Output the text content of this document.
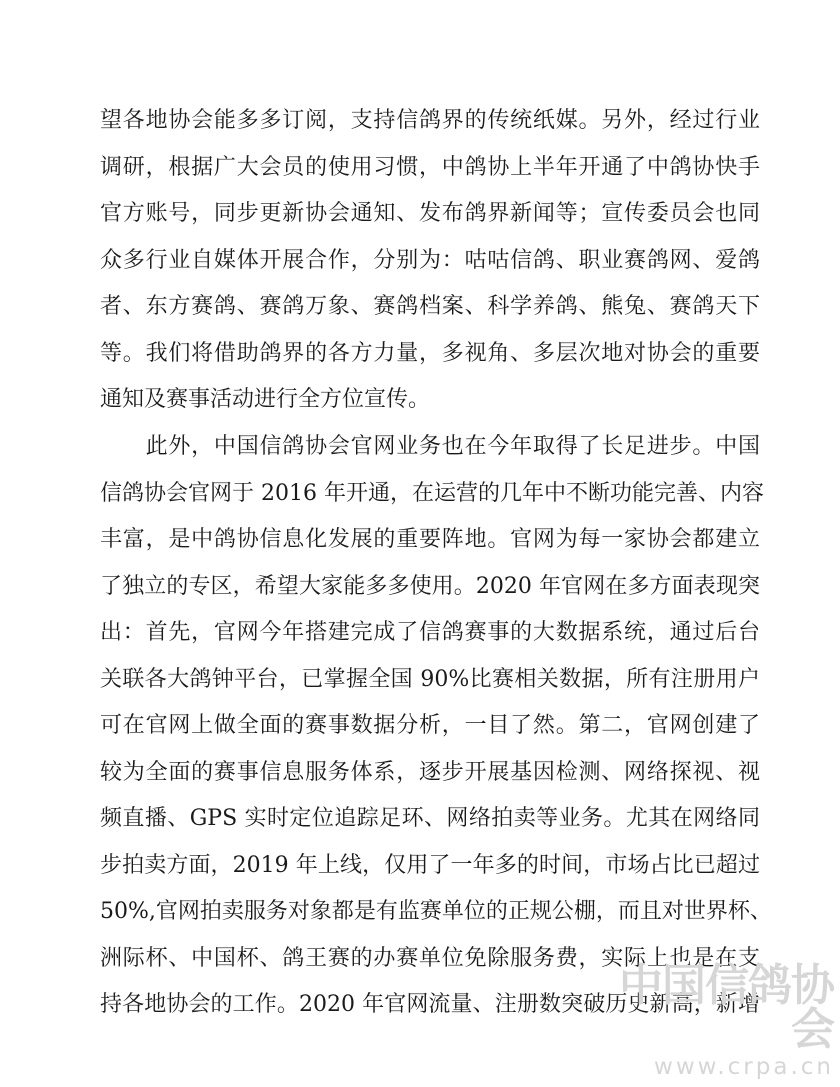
望各地协会能多多订阅，支持信鸽界的传统纸媒。另外，经过行业
调研，根据广大会员的使用习惯，中鸽协上半年开通了中鸽协快手
官方账号，同步更新协会通知、发布鸽界新闻等；宣传委员会也同
众多行业自媒体开展合作，分别为：咕咕信鸽、职业赛鸽网、爱鸽
者、东方赛鸽、赛鸽万象、赛鸽档案、科学养鸽、熊兔、赛鸽天下
等。我们将借助鸽界的各方力量，多视角、多层次地对协会的重要
通知及赛事活动进行全方位宣传。
　　此外，中国信鸽协会官网业务也在今年取得了长足进步。中国
信鸽协会官网于 2016 年开通，在运营的几年中不断功能完善、内容
丰富，是中鸽协信息化发展的重要阵地。官网为每一家协会都建立
了独立的专区，希望大家能多多使用。2020 年官网在多方面表现突
出：首先，官网今年搭建完成了信鸽赛事的大数据系统，通过后台
关联各大鸽钟平台，已掌握全国 90%比赛相关数据，所有注册用户
可在官网上做全面的赛事数据分析，一目了然。第二，官网创建了
较为全面的赛事信息服务体系，逐步开展基因检测、网络探视、视
频直播、GPS 实时定位追踪足环、网络拍卖等业务。尤其在网络同
步拍卖方面，2019 年上线，仅用了一年多的时间，市场占比已超过
50%,官网拍卖服务对象都是有监赛单位的正规公棚，而且对世界杯、
洲际杯、中国杯、鸽王赛的办赛单位免除服务费，实际上也是在支
持各地协会的工作。2020 年官网流量、注册数突破历史新高，新增
中国信鸽协会
www.crpa.cn
